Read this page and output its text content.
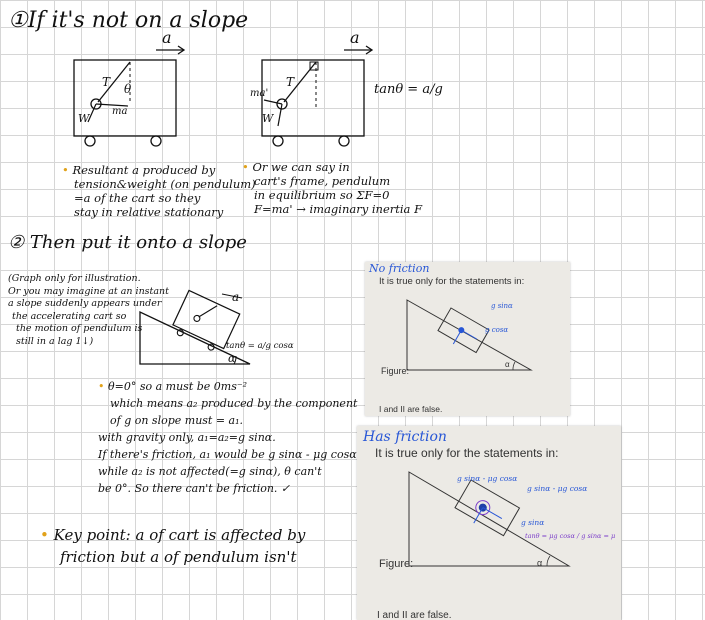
①If it's not on a slope
a
T θ
W
ma
a
T
ma'
W
tanθ = a/g
• Resultant a produced by
tension&weight (on pendulum)
=a of the cart so they
stay in relative stationary
• Or we can say in
cart's frame, pendulum
in equilibrium so ΣF=0
F=ma' → imaginary inertia F
② Then put it onto a slope
(Graph only for illustration.
Or you may imagine at an instant
a slope suddenly appears under
the accelerating cart so
the motion of pendulum is
still in a lag 1↓)
α
a
tanθ = a/g cosα
• θ=0° so a must be 0ms⁻²
which means a₂ produced by the component
of g on slope must = a₁.
with gravity only, a₁=a₂=g sinα.
If there's friction, a₁ would be g sinα - μg cosα
while a₂ is not affected(=g sinα), θ can't
be 0°. So there can't be friction. ✓
• Key point: a of cart is affected by
friction but a of pendulum isn't
No friction
It is true only for the statements in:
g sinα
g cosα
α
Figure:
I and II are false.
Has friction
It is true only for the statements in:
g sinα - μg cosα
g sinα - μg cosα
g sinα
tanθ = μg cosα / g sinα = μ
α
Figure:
I and II are false.
